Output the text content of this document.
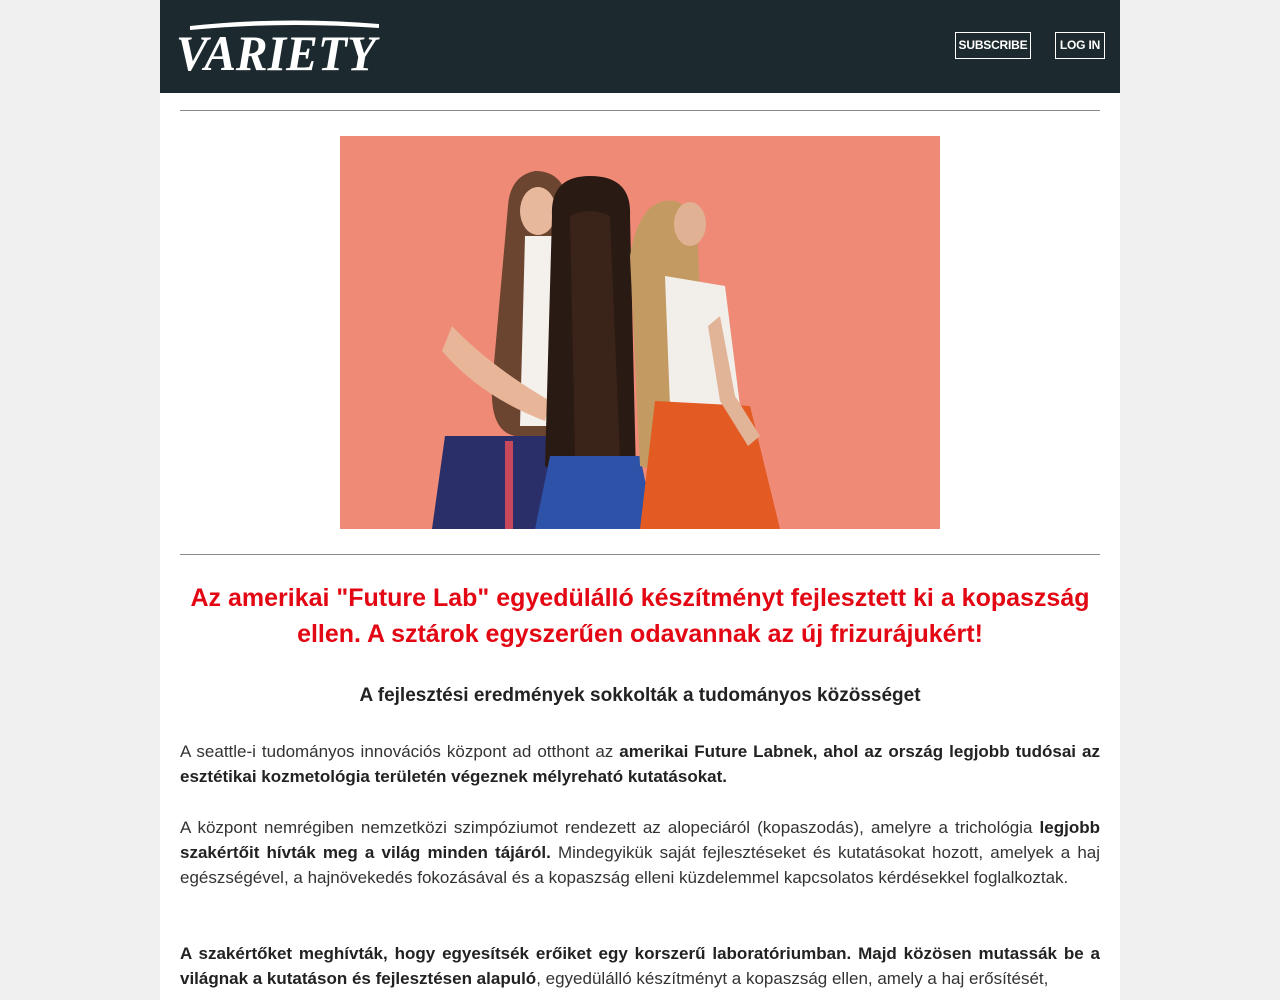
VARIETY	SUBSCRIBE	LOG IN
Az amerikai "Future Lab" egyedülálló készítményt fejlesztett ki a kopaszság ellen. A sztárok egyszerűen odavannak az új frizurájukért!
A fejlesztési eredmények sokkolták a tudományos közösséget

A seattle-i tudományos innovációs központ ad otthont az amerikai Future Labnek, ahol az ország legjobb tudósai az esztétikai kozmetológia területén végeznek mélyreható kutatásokat.

A központ nemrégiben nemzetközi szimpóziumot rendezett az alopeciáról (kopaszodás), amelyre a trichológia legjobb szakértőit hívták meg a világ minden tájáról. Mindegyikük saját fejlesztéseket és kutatásokat hozott, amelyek a haj egészségével, a hajnövekedés fokozásával és a kopaszság elleni küzdelemmel kapcsolatos kérdésekkel foglalkoztak.

A szakértőket meghívták, hogy egyesítsék erőiket egy korszerű laboratóriumban. Majd közösen mutassák be a világnak a kutatáson és fejlesztésen alapuló, egyedülálló készítményt a kopaszság ellen, amely a haj erősítését,
